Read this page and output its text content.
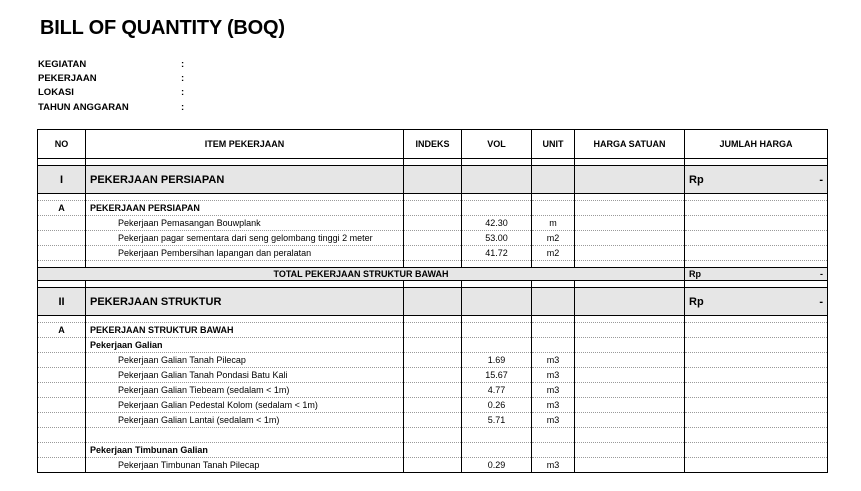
BILL OF QUANTITY (BOQ)
KEGIATAN	:
PEKERJAAN	:
LOKASI	:
TAHUN ANGGARAN	:
NO	ITEM PEKERJAAN	INDEKS	VOL	UNIT	HARGA SATUAN	JUMLAH HARGA

I	PEKERJAAN PERSIAPAN					Rp -

A	PEKERJAAN PERSIAPAN					
	Pekerjaan Pemasangan Bouwplank		42.30	m		
	Pekerjaan pagar sementara dari seng gelombang tinggi 2 meter		53.00	m2		
	Pekerjaan Pembersihan lapangan dan peralatan		41.72	m2		

TOTAL PEKERJAAN STRUKTUR BAWAH						Rp -

II	PEKERJAAN STRUKTUR					Rp -

A	PEKERJAAN STRUKTUR BAWAH					
	Pekerjaan Galian					
	Pekerjaan Galian Tanah Pilecap		1.69	m3		
	Pekerjaan Galian Tanah Pondasi Batu Kali		15.67	m3		
	Pekerjaan Galian Tiebeam (sedalam < 1m)		4.77	m3		
	Pekerjaan Galian Pedestal Kolom (sedalam < 1m)		0.26	m3		
	Pekerjaan Galian Lantai (sedalam < 1m)		5.71	m3		

	Pekerjaan Timbunan Galian					
	Pekerjaan Timbunan Tanah Pilecap		0.29	m3		
